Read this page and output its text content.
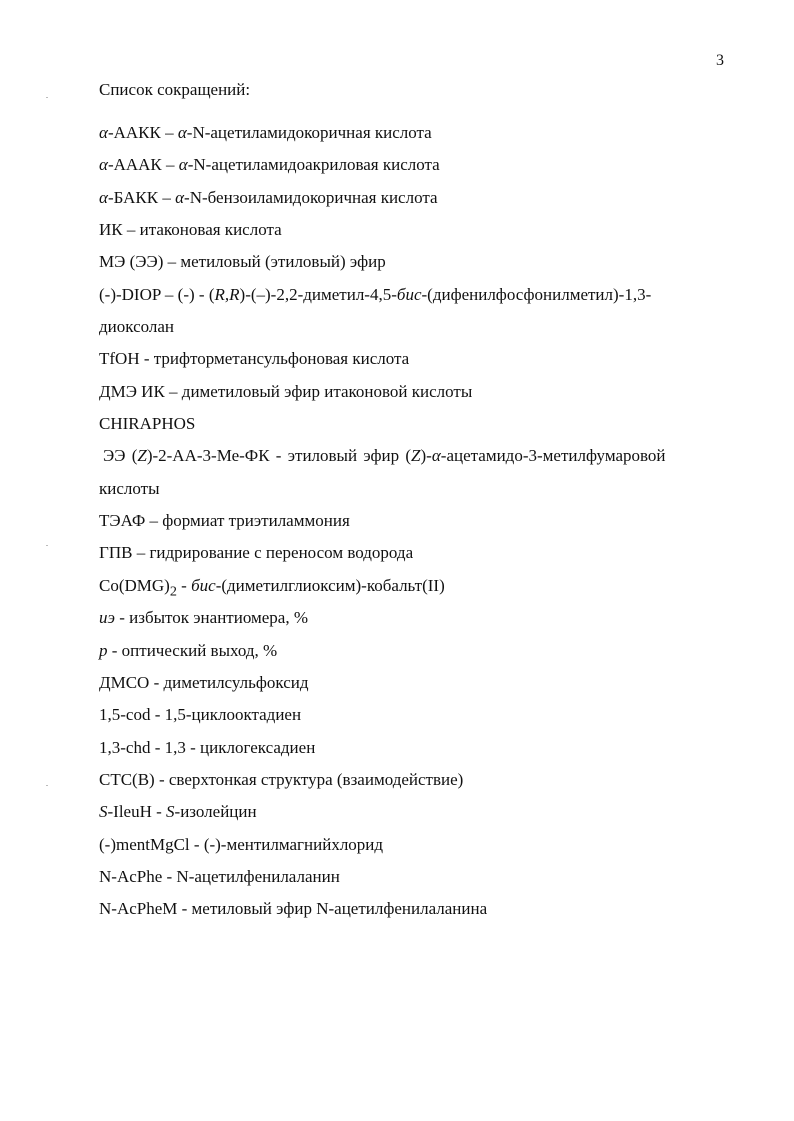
3
Список сокращений:
α-ААКК – α-N-ацетиламидокоричная кислота
α-АААК – α-N-ацетиламидоакриловая кислота
α-БАКК – α-N-бензоиламидокоричная кислота
ИК – итаконовая кислота
МЭ (ЭЭ) – метиловый (этиловый) эфир
(-)-DIOP – (-) - (R,R)-(–)-2,2-диметил-4,5-бис-(дифенилфосфонилметил)-1,3-
диоксолан
TfOH - трифторметансульфоновая кислота
ДМЭ ИК – диметиловый эфир итаконовой кислоты
CHIRAPHOS
ЭЭ (Z)-2-АА-3-Ме-ФК - этиловый эфир (Z)-α-ацетамидо-3-метилфумаровой
кислоты
ТЭАФ – формиат триэтиламмония
ГПВ – гидрирование с переносом водорода
$Co(DMG)_2$ - бис-(диметилглиоксим)-кобальт(II)
иэ - избыток энантиомера, %
p - оптический выход, %
ДМСО - диметилсульфоксид
1,5-cod - 1,5-циклооктадиен
1,3-chd - 1,3 - циклогексадиен
СТС(В) - сверхтонкая структура (взаимодействие)
S-IleuH - S-изолейцин
(-)mentMgCl - (-)-ментилмагнийхлорид
N-AcPhe - N-ацетилфенилаланин
N-AcPheM - метиловый эфир N-ацетилфенилаланина
